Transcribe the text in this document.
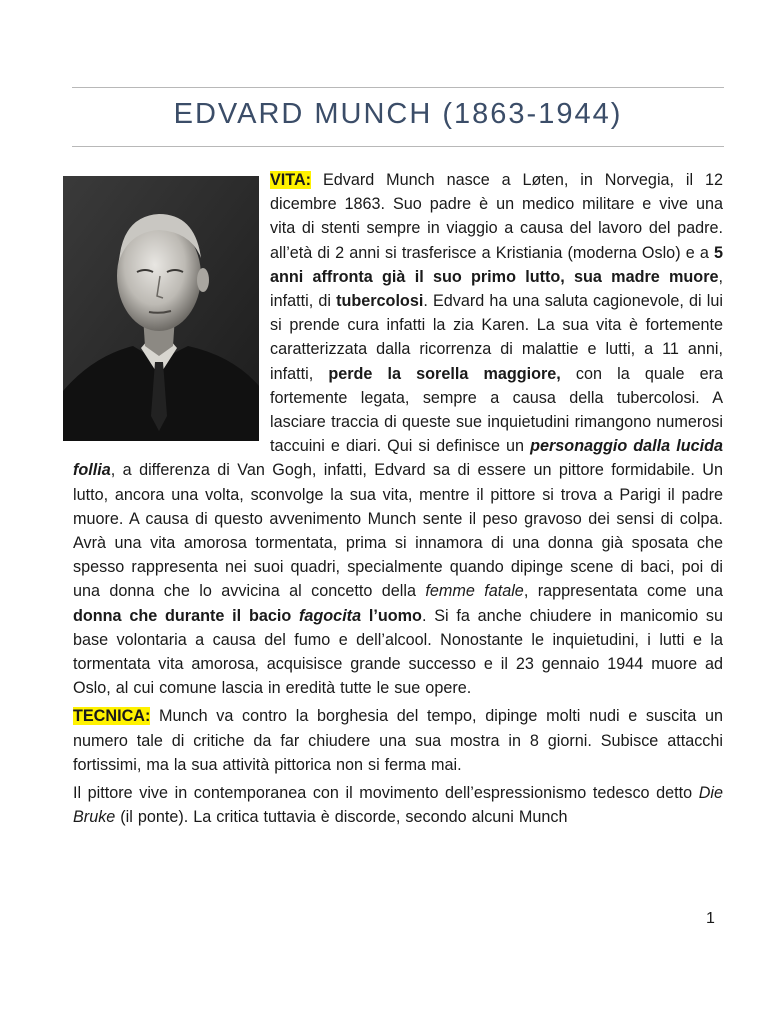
EDVARD MUNCH (1863-1944)

VITA: Edvard Munch nasce a Løten, in Norvegia, il 12 dicembre 1863. Suo padre è un medico militare e vive una vita di stenti sempre in viaggio a causa del lavoro del padre. all’età di 2 anni si trasferisce a Kristiania (moderna Oslo) e a 5 anni affronta già il suo primo lutto, sua madre muore, infatti, di tubercolosi. Edvard ha una saluta cagionevole, di lui si prende cura infatti la zia Karen. La sua vita è fortemente caratterizzata dalla ricorrenza di malattie e lutti, a 11 anni, infatti, perde la sorella maggiore, con la quale era fortemente legata, sempre a causa della tubercolosi. A lasciare traccia di queste sue inquietudini rimangono numerosi taccuini e diari. Qui si definisce un personaggio dalla lucida follia, a differenza di Van Gogh, infatti, Edvard sa di essere un pittore formidabile. Un lutto, ancora una volta, sconvolge la sua vita, mentre il pittore si trova a Parigi il padre muore. A causa di questo avvenimento Munch sente il peso gravoso dei sensi di colpa. Avrà una vita amorosa tormentata, prima si innamora di una donna già sposata che spesso rappresenta nei suoi quadri, specialmente quando dipinge scene di baci, poi di una donna che lo avvicina al concetto della femme fatale, rappresentata come una donna che durante il bacio fagocita l’uomo. Si fa anche chiudere in manicomio su base volontaria a causa del fumo e dell’alcool. Nonostante le inquietudini, i lutti e la tormentata vita amorosa, acquisisce grande successo e il 23 gennaio 1944 muore ad Oslo, al cui comune lascia in eredità tutte le sue opere.

TECNICA: Munch va contro la borghesia del tempo, dipinge molti nudi e suscita un numero tale di critiche da far chiudere una sua mostra in 8 giorni. Subisce attacchi fortissimi, ma la sua attività pittorica non si ferma mai.

Il pittore vive in contemporanea con il movimento dell’espressionismo tedesco detto Die Bruke (il ponte). La critica tuttavia è discorde, secondo alcuni Munch

1
